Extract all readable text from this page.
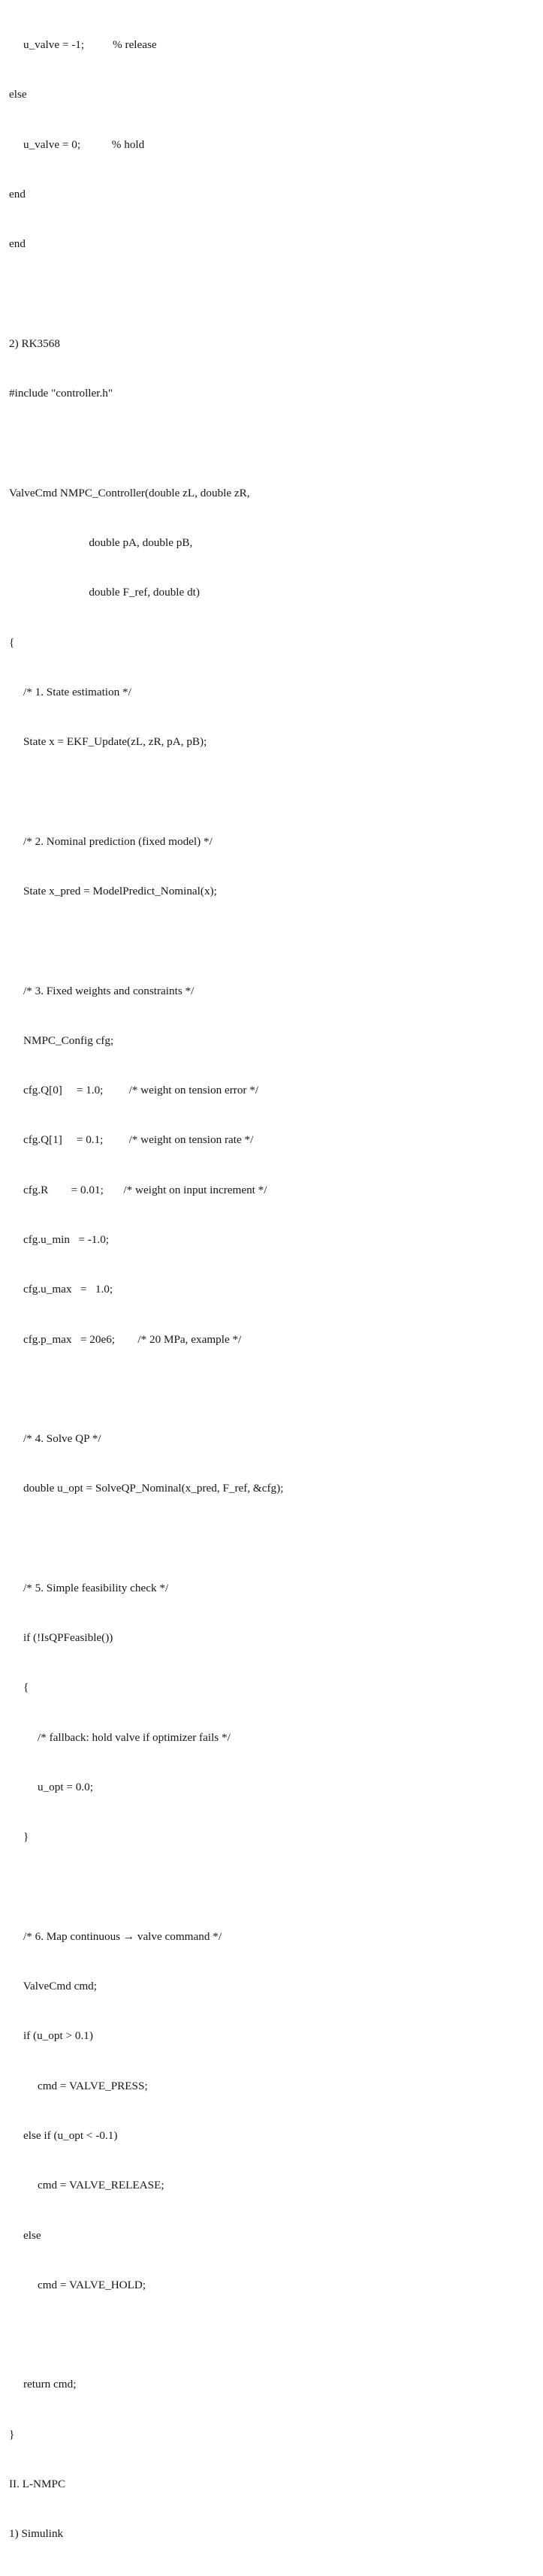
u_valve = -1;          % release

else

u_valve = 0;           % hold

end

end

2) RK3568

#include "controller.h"

ValveCmd NMPC_Controller(double zL, double zR,

double pA, double pB,

double F_ref, double dt)

{

/* 1. State estimation */

State x = EKF_Update(zL, zR, pA, pB);

/* 2. Nominal prediction (fixed model) */

State x_pred = ModelPredict_Nominal(x);

/* 3. Fixed weights and constraints */

NMPC_Config cfg;

cfg.Q[0]     = 1.0;         /* weight on tension error */

cfg.Q[1]     = 0.1;         /* weight on tension rate */

cfg.R        = 0.01;       /* weight on input increment */

cfg.u_min   = -1.0;

cfg.u_max   =   1.0;

cfg.p_max   = 20e6;        /* 20 MPa, example */

/* 4. Solve QP */

double u_opt = SolveQP_Nominal(x_pred, F_ref, &cfg);

/* 5. Simple feasibility check */

if (!IsQPFeasible())

{

/* fallback: hold valve if optimizer fails */

u_opt = 0.0;

}

/* 6. Map continuous → valve command */

ValveCmd cmd;

if (u_opt > 0.1)

cmd = VALVE_PRESS;

else if (u_opt < -0.1)

cmd = VALVE_RELEASE;

else

cmd = VALVE_HOLD;

return cmd;

}

II. L-NMPC

1) Simulink
